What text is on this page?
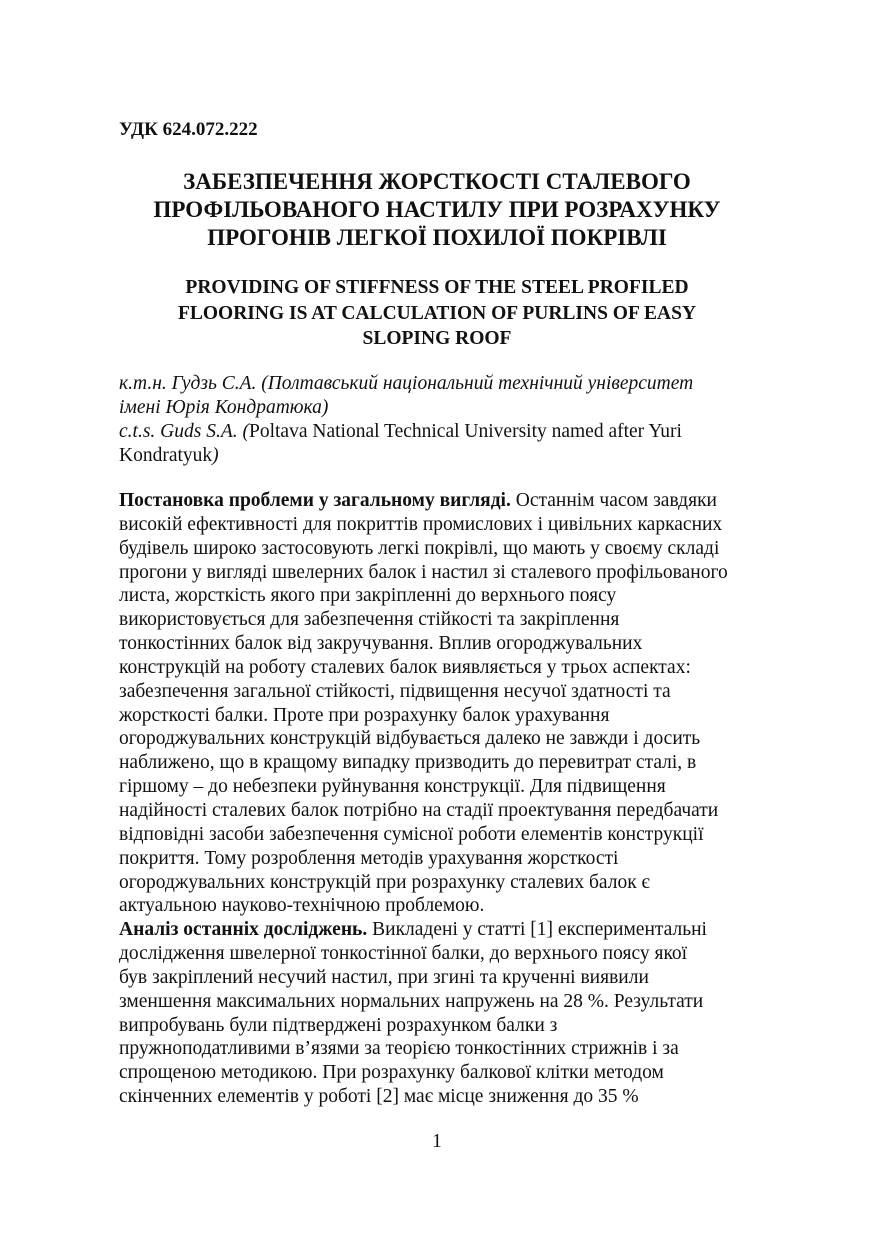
УДК 624.072.222
ЗАБЕЗПЕЧЕННЯ ЖОРСТКОСТІ СТАЛЕВОГО
ПРОФІЛЬОВАНОГО НАСТИЛУ ПРИ РОЗРАХУНКУ
ПРОГОНІВ ЛЕГКОЇ ПОХИЛОЇ ПОКРІВЛІ
PROVIDING OF STIFFNESS OF THE STEEL PROFILED
FLOORING IS AT CALCULATION OF PURLINS OF EASY
SLOPING ROOF
к.т.н. Гудзь С.А. (Полтавський національний технічний університет
імені Юрія Кондратюка)
c.t.s. Guds S.A. (Poltava National Technical University named after Yuri
Kondratyuk)
Постановка проблеми у загальному вигляді. Останнім часом завдяки
високій ефективності для покриттів промислових і цивільних каркасних
будівель широко застосовують легкі покрівлі, що мають у своєму складі
прогони у вигляді швелерних балок і настил зі сталевого профільованого
листа, жорсткість якого при закріпленні до верхнього поясу
використовується для забезпечення стійкості та закріплення
тонкостінних балок від закручування. Вплив огороджувальних
конструкцій на роботу сталевих балок виявляється у трьох аспектах:
забезпечення загальної стійкості, підвищення несучої здатності та
жорсткості балки. Проте при розрахунку балок урахування
огороджувальних конструкцій відбувається далеко не завжди і досить
наближено, що в кращому випадку призводить до перевитрат сталі, в
гіршому – до небезпеки руйнування конструкції. Для підвищення
надійності сталевих балок потрібно на стадії проектування передбачати
відповідні засоби забезпечення сумісної роботи елементів конструкції
покриття. Тому розроблення методів урахування жорсткості
огороджувальних конструкцій при розрахунку сталевих балок є
актуальною науково-технічною проблемою.
Аналіз останніх досліджень. Викладені у статті [1] експериментальні
дослідження швелерної тонкостінної балки, до верхнього поясу якої
був закріплений несучий настил, при згині та крученні виявили
зменшення максимальних нормальних напружень на 28 %. Результати
випробувань були підтверджені розрахунком балки з
пружноподатливими в’язями за теорією тонкостінних стрижнів і за
спрощеною методикою. При розрахунку балкової клітки методом
скінченних елементів у роботі [2] має місце зниження до 35 %
1
